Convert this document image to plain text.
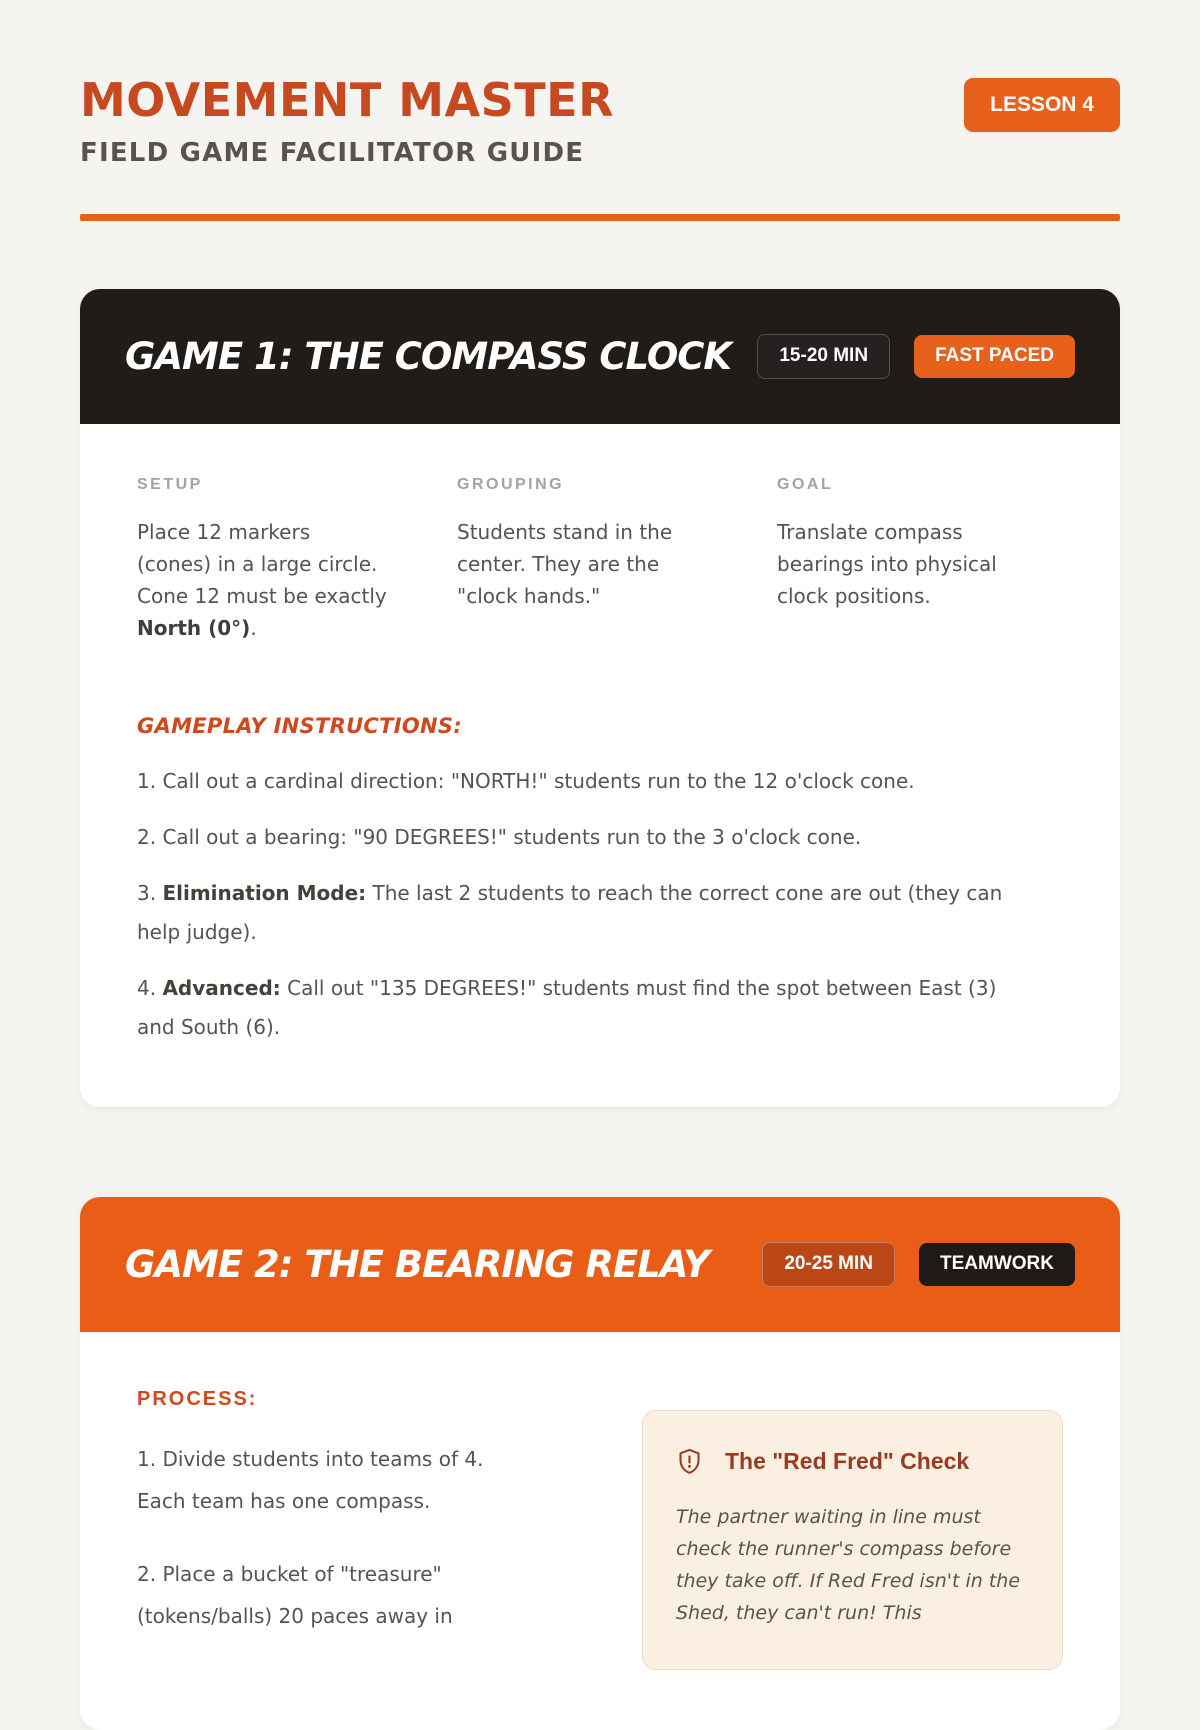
MOVEMENT MASTER
FIELD GAME FACILITATOR GUIDE
LESSON 4
GAME 1: THE COMPASS CLOCK	15-20 MIN	FAST PACED
SETUP

Place 12 markers
(cones) in a large circle.
Cone 12 must be exactly
North (0°).

GROUPING

Students stand in the
center. They are the
"clock hands."

GOAL

Translate compass
bearings into physical
clock positions.

GAMEPLAY INSTRUCTIONS:

1. Call out a cardinal direction: "NORTH!" students run to the 12 o'clock cone.

2. Call out a bearing: "90 DEGREES!" students run to the 3 o'clock cone.

3. Elimination Mode: The last 2 students to reach the correct cone are out (they can help judge).

4. Advanced: Call out "135 DEGREES!" students must find the spot between East (3) and South (6).

GAME 2: THE BEARING RELAY	20-25 MIN	TEAMWORK
PROCESS:

1. Divide students into teams of 4. Each team has one compass.

2. Place a bucket of "treasure" (tokens/balls) 20 paces away in

The "Red Fred" Check

The partner waiting in line must check the runner's compass before they take off. If Red Fred isn't in the Shed, they can't run! This
